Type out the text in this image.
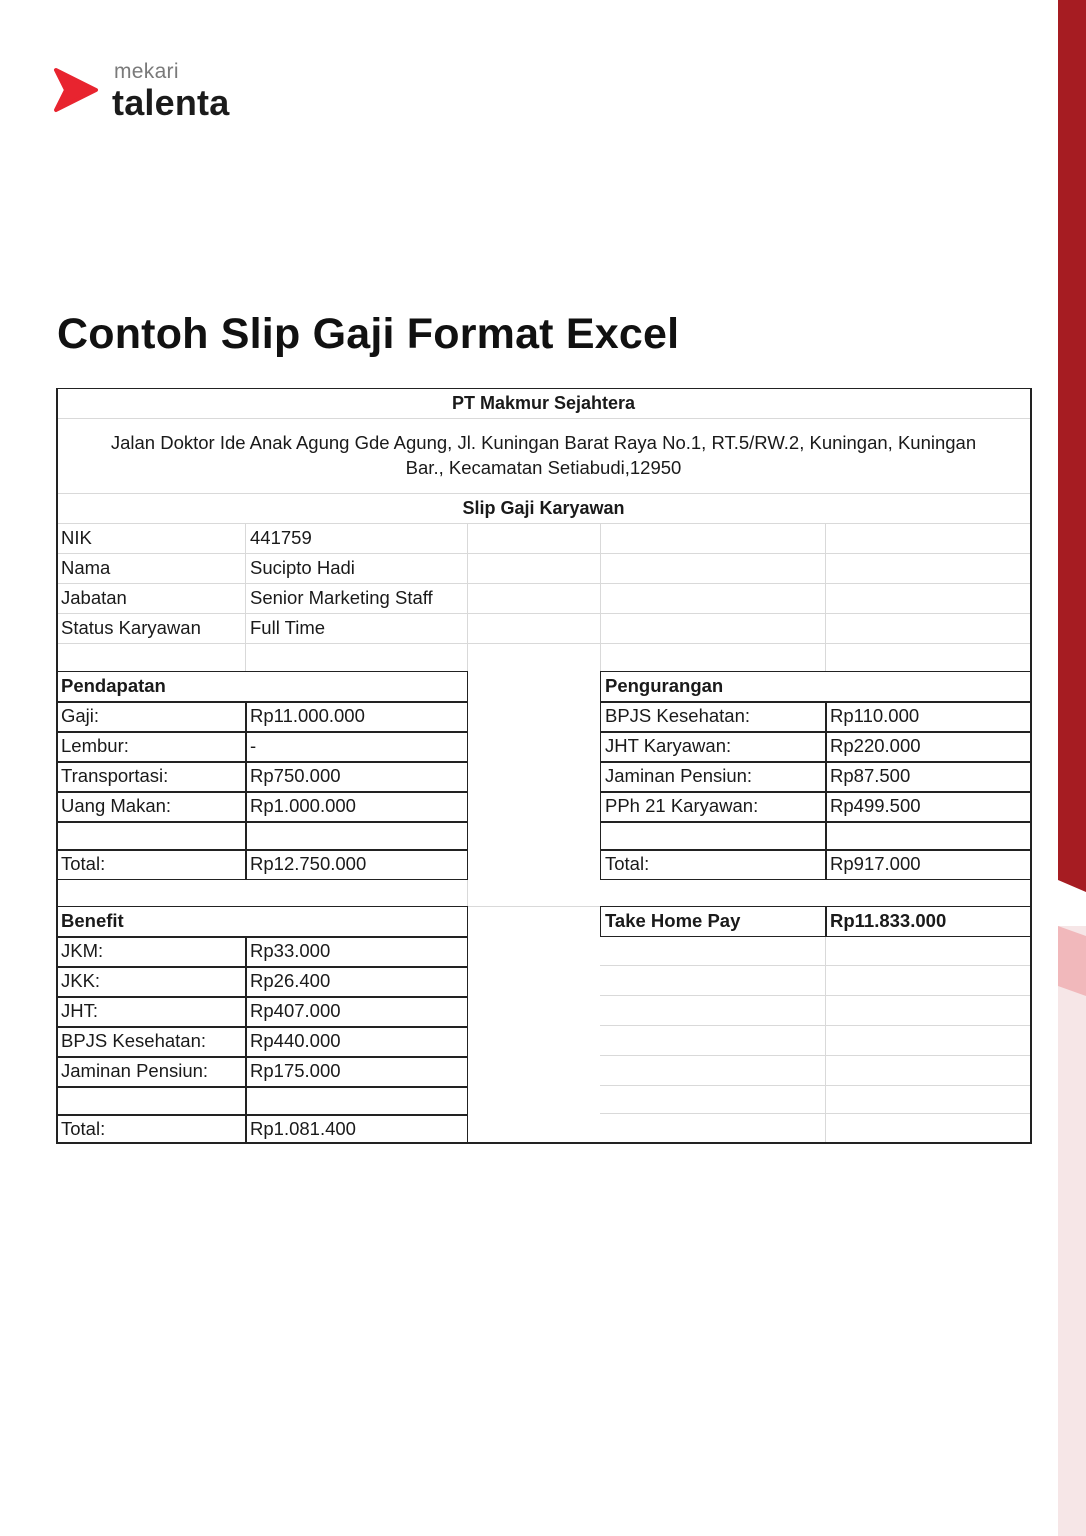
mekari
talenta
Contoh Slip Gaji Format Excel
PT Makmur Sejahtera
Jalan Doktor Ide Anak Agung Gde Agung, Jl. Kuningan Barat Raya No.1, RT.5/RW.2, Kuningan, Kuningan
Bar., Kecamatan Setiabudi,12950
Slip Gaji Karyawan
NIK	441759
Nama	Sucipto Hadi
Jabatan	Senior Marketing Staff
Status Karyawan	Full Time
Pendapatan
Gaji:	Rp11.000.000
Lembur:	-
Transportasi:	Rp750.000
Uang Makan:	Rp1.000.000
Total:	Rp12.750.000
Pengurangan
BPJS Kesehatan:	Rp110.000
JHT Karyawan:	Rp220.000
Jaminan Pensiun:	Rp87.500
PPh 21 Karyawan:	Rp499.500
Total:	Rp917.000
Benefit
JKM:	Rp33.000
JKK:	Rp26.400
JHT:	Rp407.000
BPJS Kesehatan:	Rp440.000
Jaminan Pensiun:	Rp175.000
Total:	Rp1.081.400
Take Home Pay	Rp11.833.000
